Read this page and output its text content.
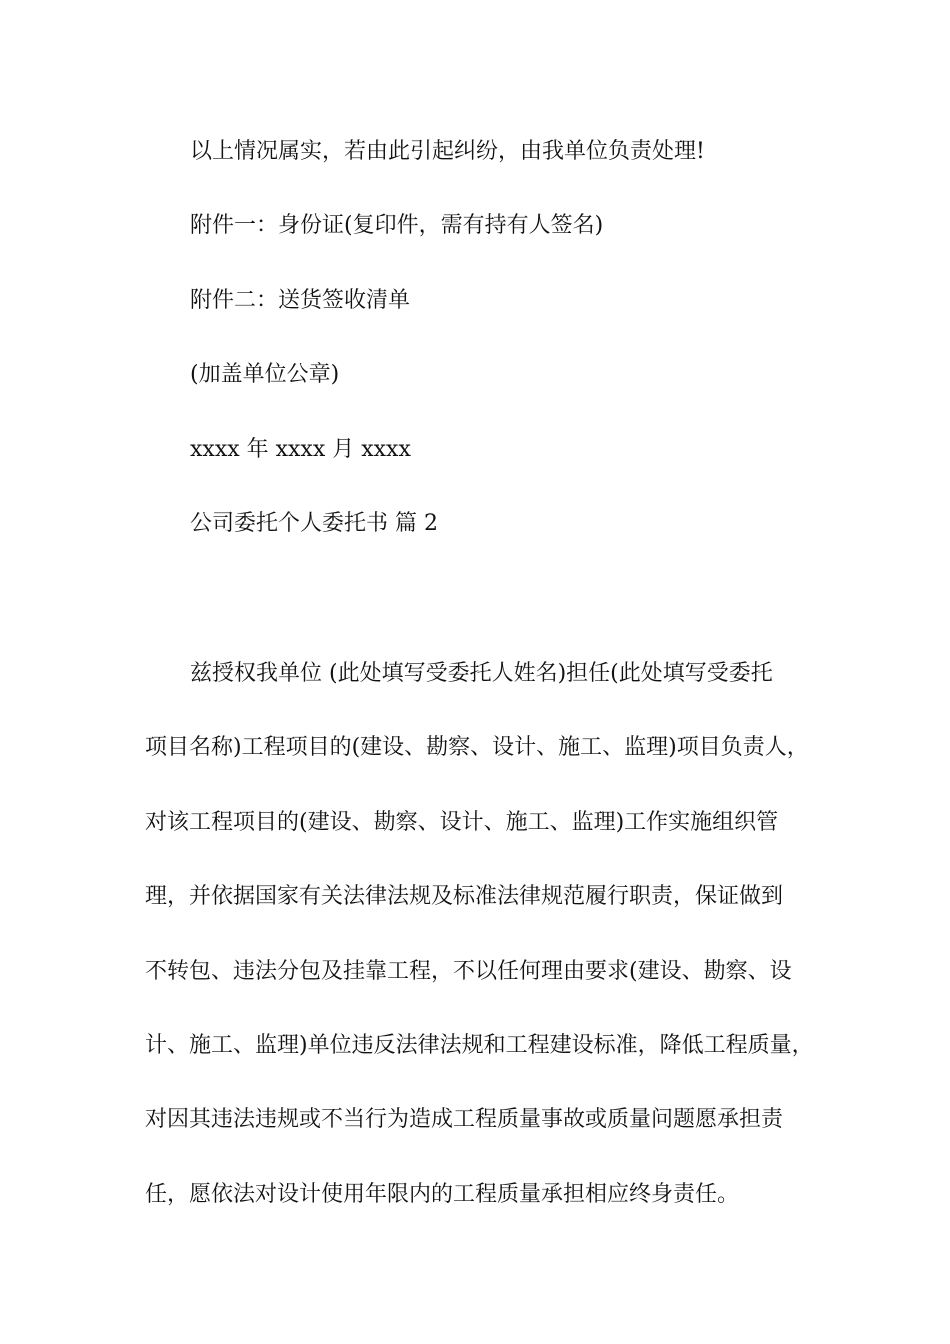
以上情况属实，若由此引起纠纷，由我单位负责处理!
附件一：身份证(复印件，需有持有人签名)
附件二：送货签收清单
(加盖单位公章)
xxxx 年 xxxx 月 xxxx
公司委托个人委托书 篇 2
兹授权我单位 (此处填写受委托人姓名)担任(此处填写受委托
项目名称)工程项目的(建设、勘察、设计、施工、监理)项目负责人，
对该工程项目的(建设、勘察、设计、施工、监理)工作实施组织管
理，并依据国家有关法律法规及标准法律规范履行职责，保证做到
不转包、违法分包及挂靠工程，不以任何理由要求(建设、勘察、设
计、施工、监理)单位违反法律法规和工程建设标准，降低工程质量，
对因其违法违规或不当行为造成工程质量事故或质量问题愿承担责
任，愿依法对设计使用年限内的工程质量承担相应终身责任。
